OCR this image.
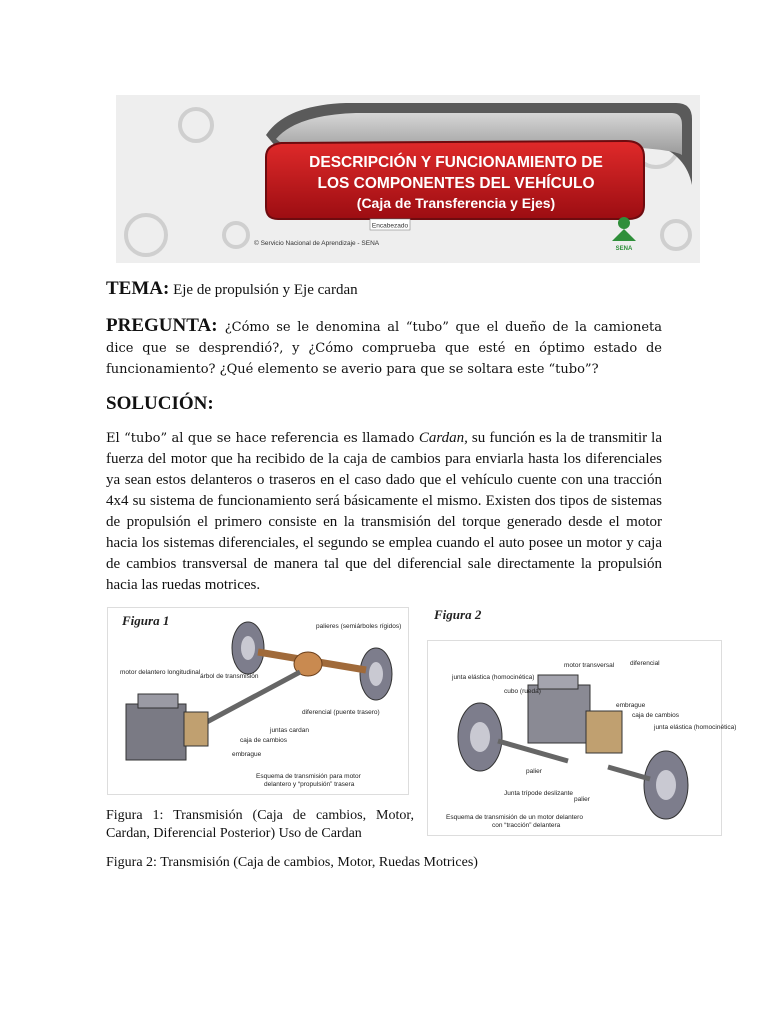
DESCRIPCIÓN Y FUNCIONAMIENTO DE
LOS COMPONENTES DEL VEHÍCULO
(Caja de Transferencia y Ejes)
Encabezado
© Servicio Nacional de Aprendizaje - SENA
SENA
TEMA: Eje de propulsión y Eje cardan
PREGUNTA: ¿Cómo se le denomina al “tubo” que el dueño de la camioneta dice que se desprendió?, y ¿Cómo comprueba que esté en óptimo estado de funcionamiento? ¿Qué elemento se averio para que se soltara este “tubo”?
SOLUCIÓN:
El “tubo” al que se hace referencia es llamado Cardan, su función es la de transmitir la fuerza del motor que ha recibido de la caja de cambios para enviarla hasta los diferenciales ya sean estos delanteros o traseros en el caso dado que el vehículo cuente con una tracción 4x4 su sistema de funcionamiento será básicamente el mismo. Existen dos tipos de sistemas de propulsión el primero consiste en la transmisión del torque generado desde el motor hacia los sistemas diferenciales, el segundo se emplea cuando el auto posee un motor y caja de cambios transversal de manera tal que del diferencial sale directamente la propulsión hacia las ruedas motrices.
Figura 1	palieres (semiárboles rígidos)
motor delantero longitudinal
árbol de transmisión
diferencial (puente trasero)
juntas cardan
caja de cambios
embrague
Esquema de transmisión para motor
delantero y “propulsión” trasera
Figura 2
motor transversal diferencial
junta elástica (homocinética)
cubo (rueda)
embrague
caja de cambios
junta elástica (homocinética)
palier
Junta trípode deslizante
palier
Esquema de transmisión de un motor delantero
con “tracción” delantera
Figura 1: Transmisión (Caja de cambios, Motor, Cardan, Diferencial Posterior) Uso de Cardan
Figura 2: Transmisión (Caja de cambios, Motor, Ruedas Motrices)
